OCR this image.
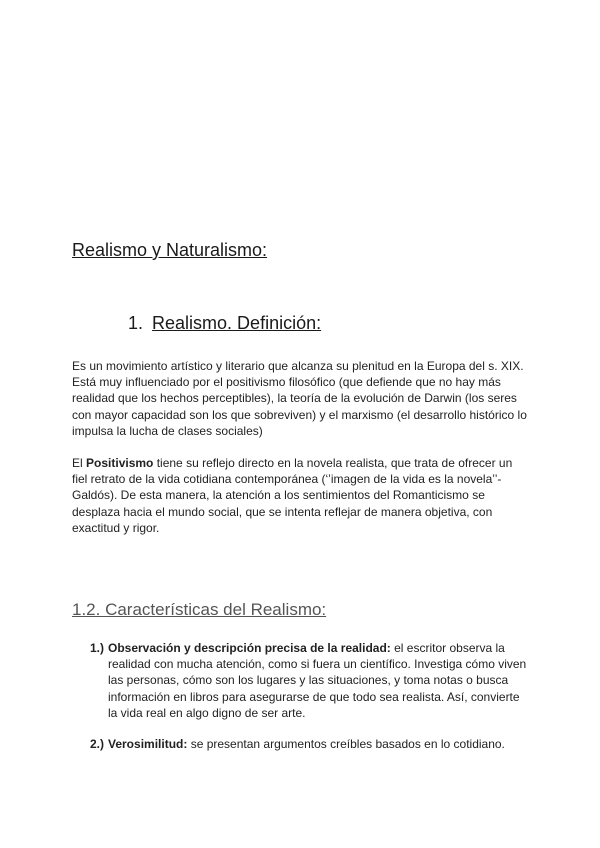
Realismo y Naturalismo:
1. Realismo. Definición:

Es un movimiento artístico y literario que alcanza su plenitud en la Europa del s. XIX. Está muy influenciado por el positivismo filosófico (que defiende que no hay más realidad que los hechos perceptibles), la teoría de la evolución de Darwin (los seres con mayor capacidad son los que sobreviven) y el marxismo (el desarrollo histórico lo impulsa la lucha de clases sociales)

El Positivismo tiene su reflejo directo en la novela realista, que trata de ofrecer un fiel retrato de la vida cotidiana contemporánea (‘’imagen de la vida es la novela’’- Galdós). De esta manera, la atención a los sentimientos del Romanticismo se desplaza hacia el mundo social, que se intenta reflejar de manera objetiva, con exactitud y rigor.

1.2. Características del Realismo:
1.) Observación y descripción precisa de la realidad: el escritor observa la realidad con mucha atención, como si fuera un científico. Investiga cómo viven las personas, cómo son los lugares y las situaciones, y toma notas o busca información en libros para asegurarse de que todo sea realista. Así, convierte la vida real en algo digno de ser arte.
2.) Verosimilitud: se presentan argumentos creíbles basados en lo cotidiano.
